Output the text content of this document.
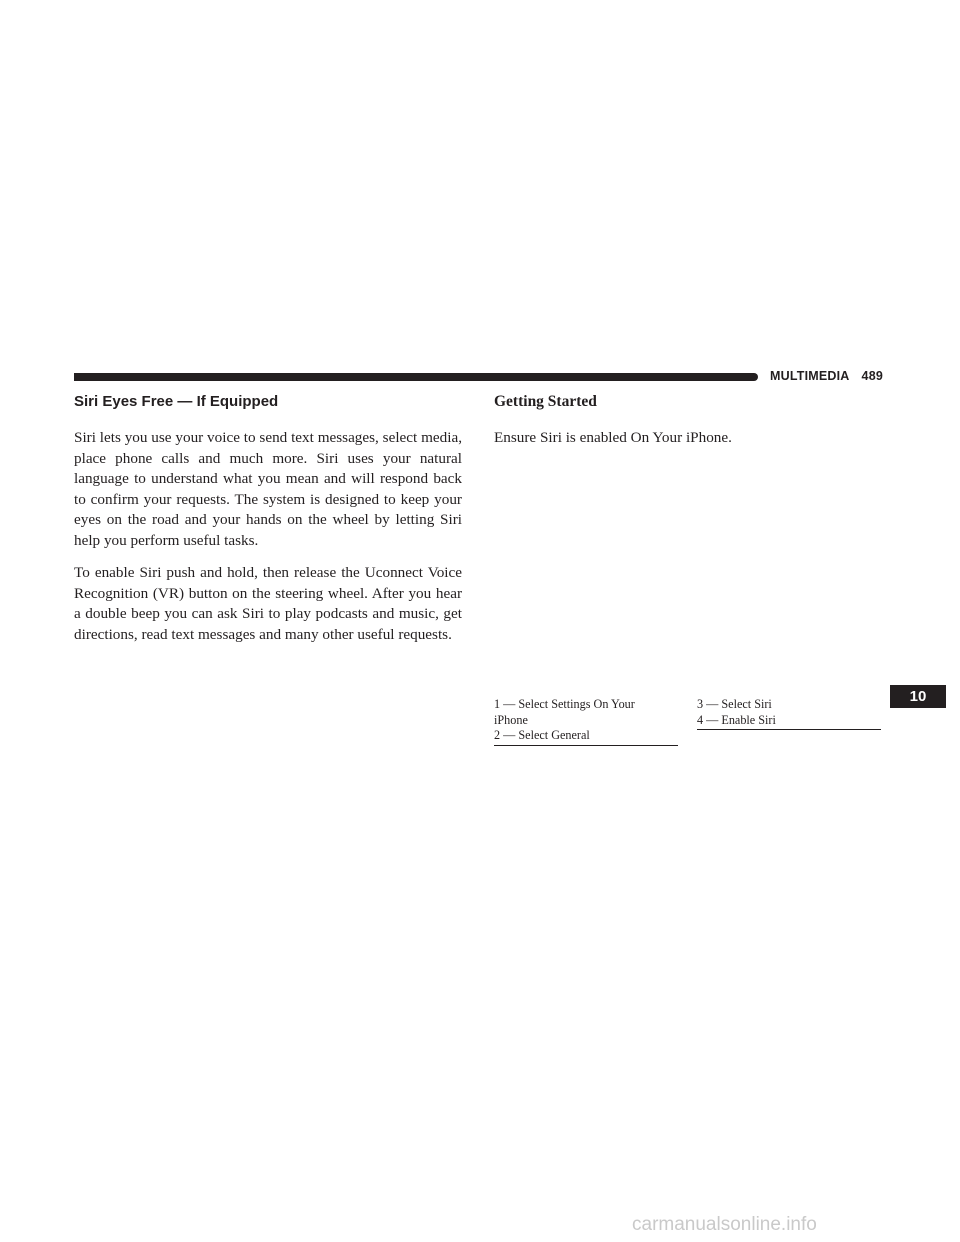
MULTIMEDIA 489
Siri Eyes Free — If Equipped

Siri lets you use your voice to send text messages, select media, place phone calls and much more. Siri uses your natural language to understand what you mean and will respond back to confirm your requests. The system is designed to keep your eyes on the road and your hands on the wheel by letting Siri help you perform useful tasks.

To enable Siri push and hold, then release the Uconnect Voice Recognition (VR) button on the steering wheel. After you hear a double beep you can ask Siri to play podcasts and music, get directions, read text messages and many other useful requests.

Getting Started

Ensure Siri is enabled On Your iPhone.

1 — Select Settings On Your
iPhone
2 — Select General
3 — Select Siri
4 — Enable Siri
10
carmanualsonline.info
